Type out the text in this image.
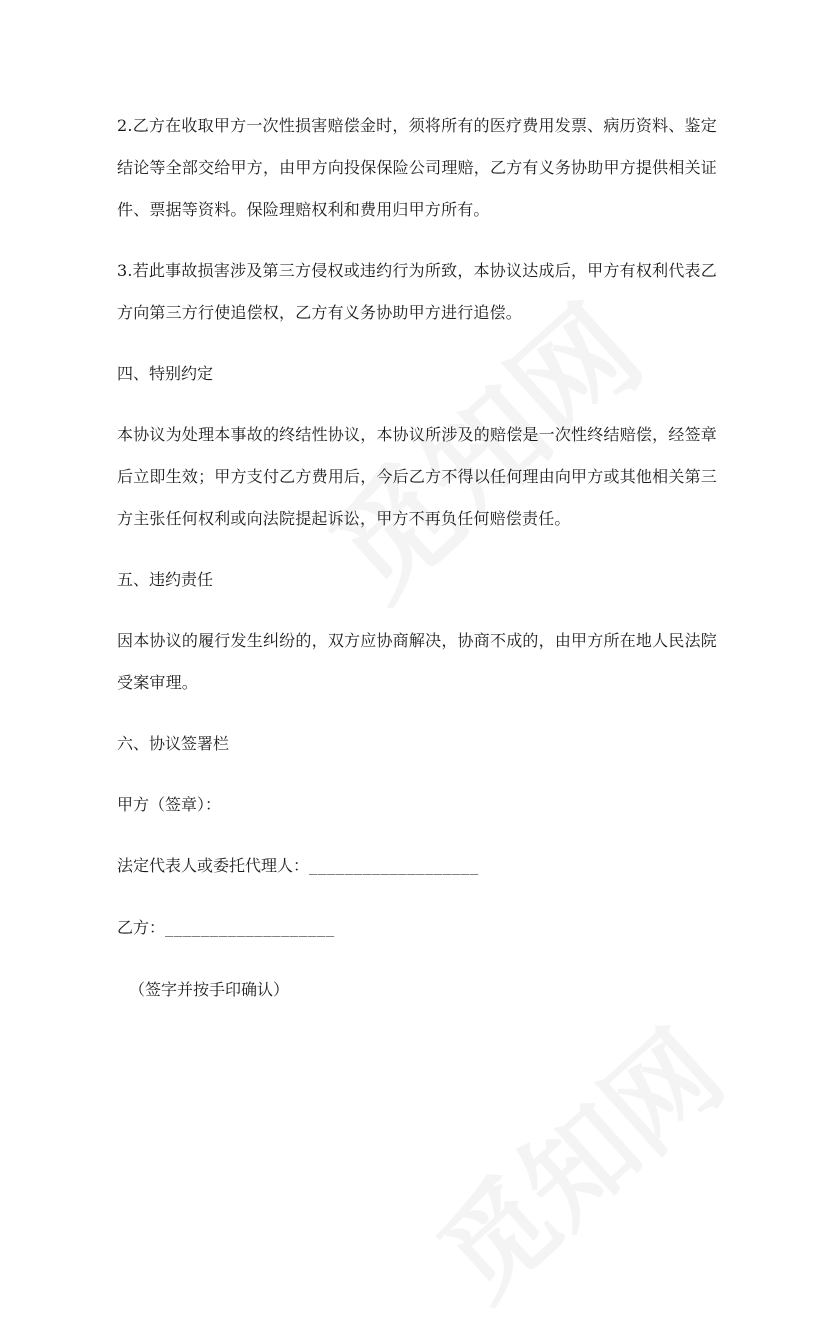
2.乙方在收取甲方一次性损害赔偿金时，须将所有的医疗费用发票、病历资料、鉴定结论等全部交给甲方，由甲方向投保保险公司理赔，乙方有义务协助甲方提供相关证件、票据等资料。保险理赔权利和费用归甲方所有。

3.若此事故损害涉及第三方侵权或违约行为所致，本协议达成后，甲方有权利代表乙方向第三方行使追偿权，乙方有义务协助甲方进行追偿。

四、特别约定

本协议为处理本事故的终结性协议，本协议所涉及的赔偿是一次性终结赔偿，经签章后立即生效；甲方支付乙方费用后，今后乙方不得以任何理由向甲方或其他相关第三方主张任何权利或向法院提起诉讼，甲方不再负任何赔偿责任。

五、违约责任

因本协议的履行发生纠纷的，双方应协商解决，协商不成的，由甲方所在地人民法院受案审理。

六、协议签署栏

甲方（签章）：

法定代表人或委托代理人：___________________

乙方：___________________

（签字并按手印确认）
